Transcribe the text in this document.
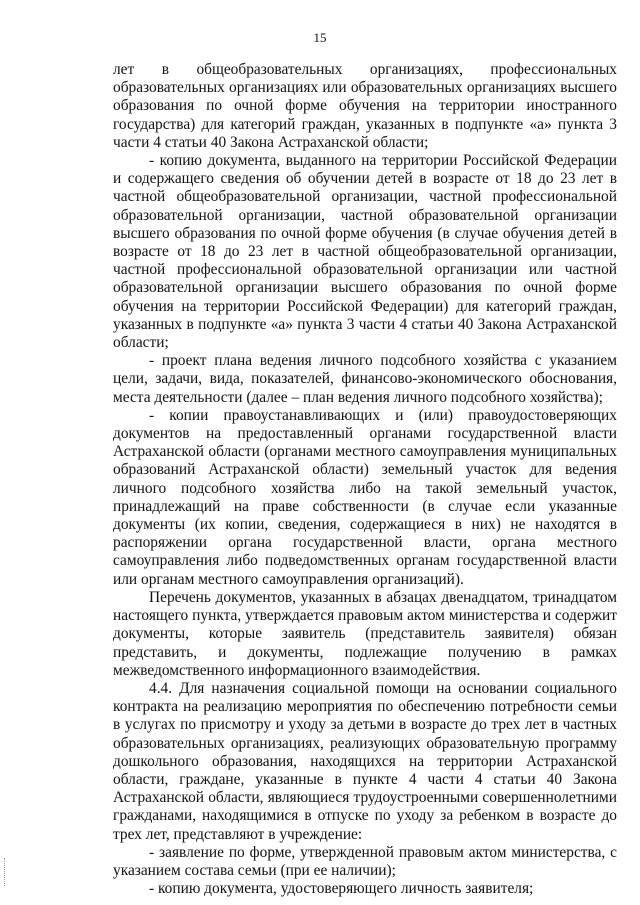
15

лет в общеобразовательных организациях, профессиональных образовательных организациях или образовательных организациях высшего образования по очной форме обучения на территории иностранного государства) для категорий граждан, указанных в подпункте «а» пункта 3 части 4 статьи 40 Закона Астраханской области;

- копию документа, выданного на территории Российской Федерации и содержащего сведения об обучении детей в возрасте от 18 до 23 лет в частной общеобразовательной организации, частной профессиональной образовательной организации, частной образовательной организации высшего образования по очной форме обучения (в случае обучения детей в возрасте от 18 до 23 лет в частной общеобразовательной организации, частной профессиональной образовательной организации или частной образовательной организации высшего образования по очной форме обучения на территории Российской Федерации) для категорий граждан, указанных в подпункте «а» пункта 3 части 4 статьи 40 Закона Астраханской области;

- проект плана ведения личного подсобного хозяйства с указанием цели, задачи, вида, показателей, финансово-экономического обоснования, места деятельности (далее – план ведения личного подсобного хозяйства);

- копии правоустанавливающих и (или) правоудостоверяющих документов на предоставленный органами государственной власти Астраханской области (органами местного самоуправления муниципальных образований Астраханской области) земельный участок для ведения личного подсобного хозяйства либо на такой земельный участок, принадлежащий на праве собственности (в случае если указанные документы (их копии, сведения, содержащиеся в них) не находятся в распоряжении органа государственной власти, органа местного самоуправления либо подведомственных органам государственной власти или органам местного самоуправления организаций).

Перечень документов, указанных в абзацах двенадцатом, тринадцатом настоящего пункта, утверждается правовым актом министерства и содержит документы, которые заявитель (представитель заявителя) обязан представить, и документы, подлежащие получению в рамках межведомственного информационного взаимодействия.

4.4. Для назначения социальной помощи на основании социального контракта на реализацию мероприятия по обеспечению потребности семьи в услугах по присмотру и уходу за детьми в возрасте до трех лет в частных образовательных организациях, реализующих образовательную программу дошкольного образования, находящихся на территории Астраханской области, граждане, указанные в пункте 4 части 4 статьи 40 Закона Астраханской области, являющиеся трудоустроенными совершеннолетними гражданами, находящимися в отпуске по уходу за ребенком в возрасте до трех лет, представляют в учреждение:

- заявление по форме, утвержденной правовым актом министерства, с указанием состава семьи (при ее наличии);

- копию документа, удостоверяющего личность заявителя;
